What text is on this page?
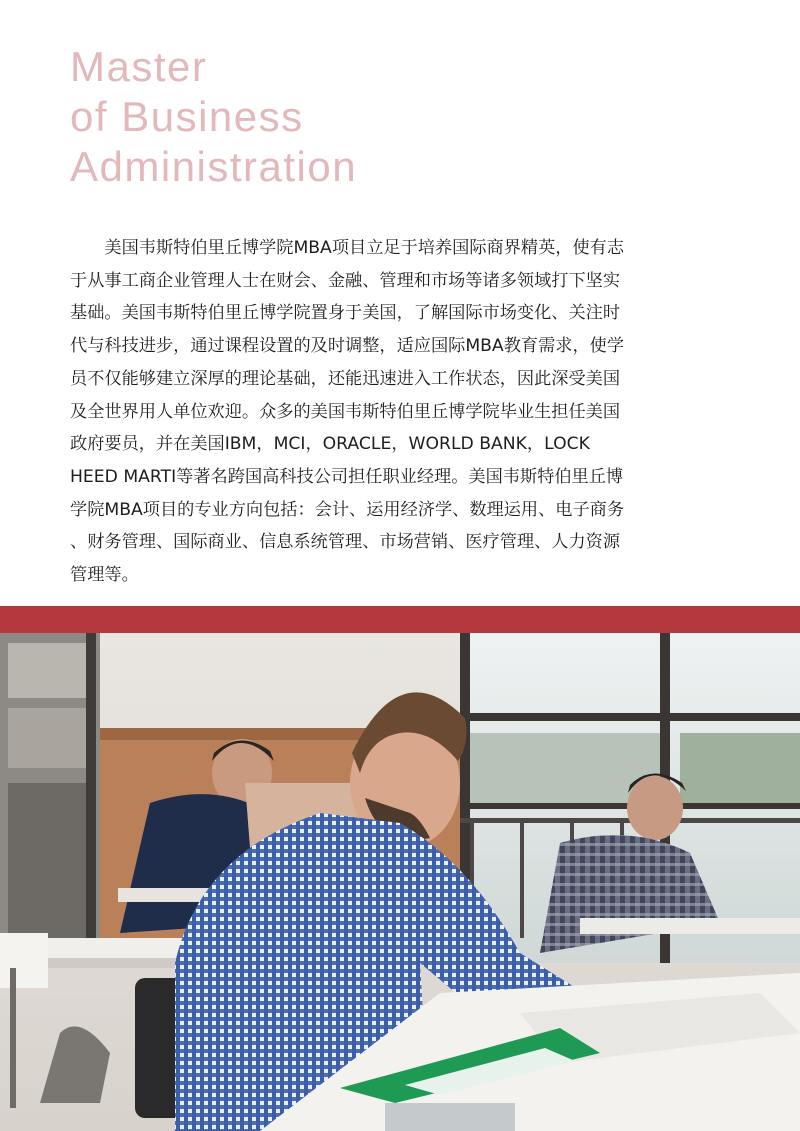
Master
of Business
Administration
　　美国韦斯特伯里丘博学院MBA项目立足于培养国际商界精英，使有志
于从事工商企业管理人士在财会、金融、管理和市场等诸多领域打下坚实
基础。美国韦斯特伯里丘博学院置身于美国，了解国际市场变化、关注时
代与科技进步，通过课程设置的及时调整，适应国际MBA教育需求，使学
员不仅能够建立深厚的理论基础，还能迅速进入工作状态，因此深受美国
及全世界用人单位欢迎。众多的美国韦斯特伯里丘博学院毕业生担任美国
政府要员，并在美国IBM，MCI，ORACLE，WORLD BANK，LOCK
HEED MARTI等著名跨国高科技公司担任职业经理。美国韦斯特伯里丘博
学院MBA项目的专业方向包括：会计、运用经济学、数理运用、电子商务
、财务管理、国际商业、信息系统管理、市场营销、医疗管理、人力资源
管理等。
